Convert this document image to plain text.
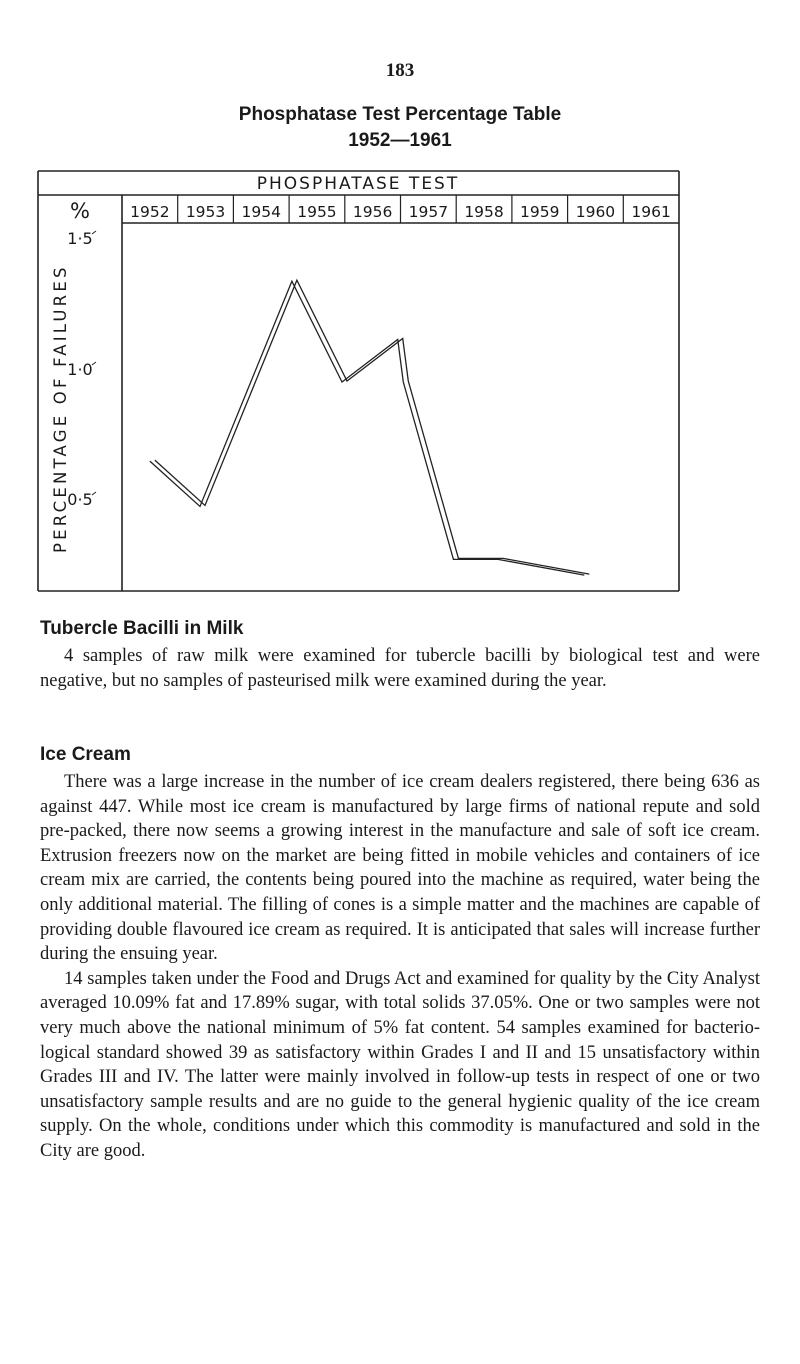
183
Phosphatase Test Percentage Table
1952—1961
PHOSPHATASE TEST
%
PERCENTAGE OF FAILURES
1952 1953 1954 1955 1956 1957 1958 1959 1960 1961
1·5
1·0
0·5
Tubercle Bacilli in Milk

4 samples of raw milk were examined for tubercle bacilli by biological test and were negative, but no samples of pasteurised milk were examined during the year.

Ice Cream

There was a large increase in the number of ice cream dealers registered, there being 636 as against 447. While most ice cream is manufactured by large firms of national repute and sold pre-packed, there now seems a growing interest in the manufacture and sale of soft ice cream. Extrusion freezers now on the market are being fitted in mobile vehicles and containers of ice cream mix are carried, the contents being poured into the machine as required, water being the only additional material. The filling of cones is a simple matter and the machines are capable of providing double flavoured ice cream as required. It is anticipated that sales will increase further during the ensuing year.

14 samples taken under the Food and Drugs Act and examined for quality by the City Analyst averaged 10.09% fat and 17.89% sugar, with total solids 37.05%. One or two samples were not very much above the national minimum of 5% fat content. 54 samples examined for bacteriological standard showed 39 as satisfactory within Grades I and II and 15 unsatisfactory within Grades III and IV. The latter were mainly involved in follow-up tests in respect of one or two unsatisfactory sample results and are no guide to the general hygienic quality of the ice cream supply. On the whole, conditions under which this commodity is manufactured and sold in the City are good.
